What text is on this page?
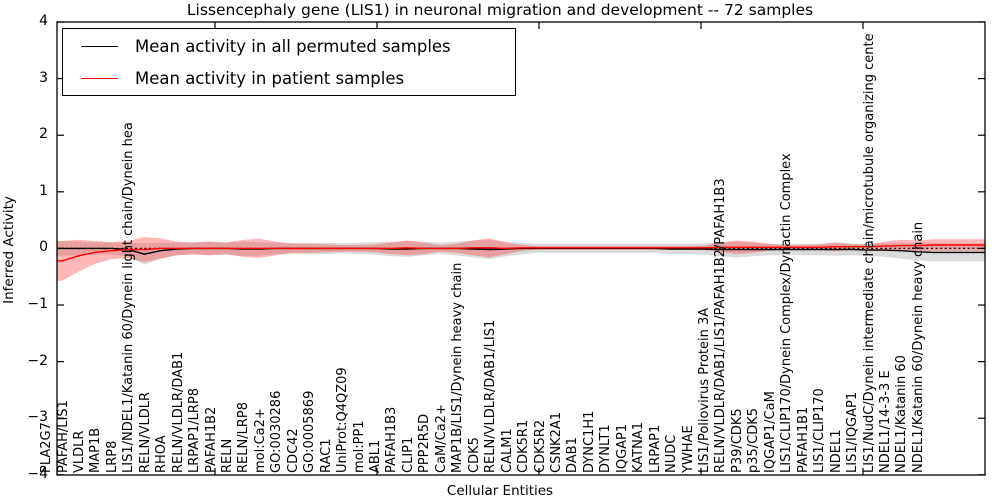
Lissencephaly gene (LIS1) in neuronal migration and development -- 72 samples
Inferred Activity
Cellular Entities
4
3
2
1
0
−1
−2
−3
−4
PLA2G7 PAFAH/LIS1 VLDLR MAP1B LRP8 LIS1/NDEL1/Katanin 60/Dynein light chain/Dynein hea RELN/VLDLR RHOA RELN/VLDLR/DAB1 LRPAP1/LRP8 PAFAH1B2 RELN RELN/LRP8 mol:Ca2+ GO:0030286 CDC42 GO:0005869 RAC1 UniProt:Q4QZ09 mol:PP1 ABL1 PAFAH1B3 CLIP1 PPP2R5D CaM/Ca2+ MAP1B/LIS1/Dynein heavy chain CDK5 RELN/VLDLR/DAB1/LIS1 CALM1 CDK5R1 CDK5R2 CSNK2A1 DAB1 DYNC1H1 DYNLT1 IQGAP1 KATNA1 LRPAP1 NUDC YWHAE LIS1/Poliovirus Protein 3A RELN/VLDLR/DAB1/LIS1/PAFAH1B2/PAFAH1B3 P39/CDK5 p35/CDK5 IQGAP1/CaM LIS1/CLIP170/Dynein Complex/Dynactin Complex PAFAH1B1 LIS1/CLIP170 NDEL1 LIS1/IQGAP1 LIS1/NudC/Dynein intermediate chain/microtubule organizing cente NDEL1/14-3-3 E NDEL1/Katanin 60 NDEL1/Katanin 60/Dynein heavy chain
Mean activity in all permuted samples
Mean activity in patient samples
